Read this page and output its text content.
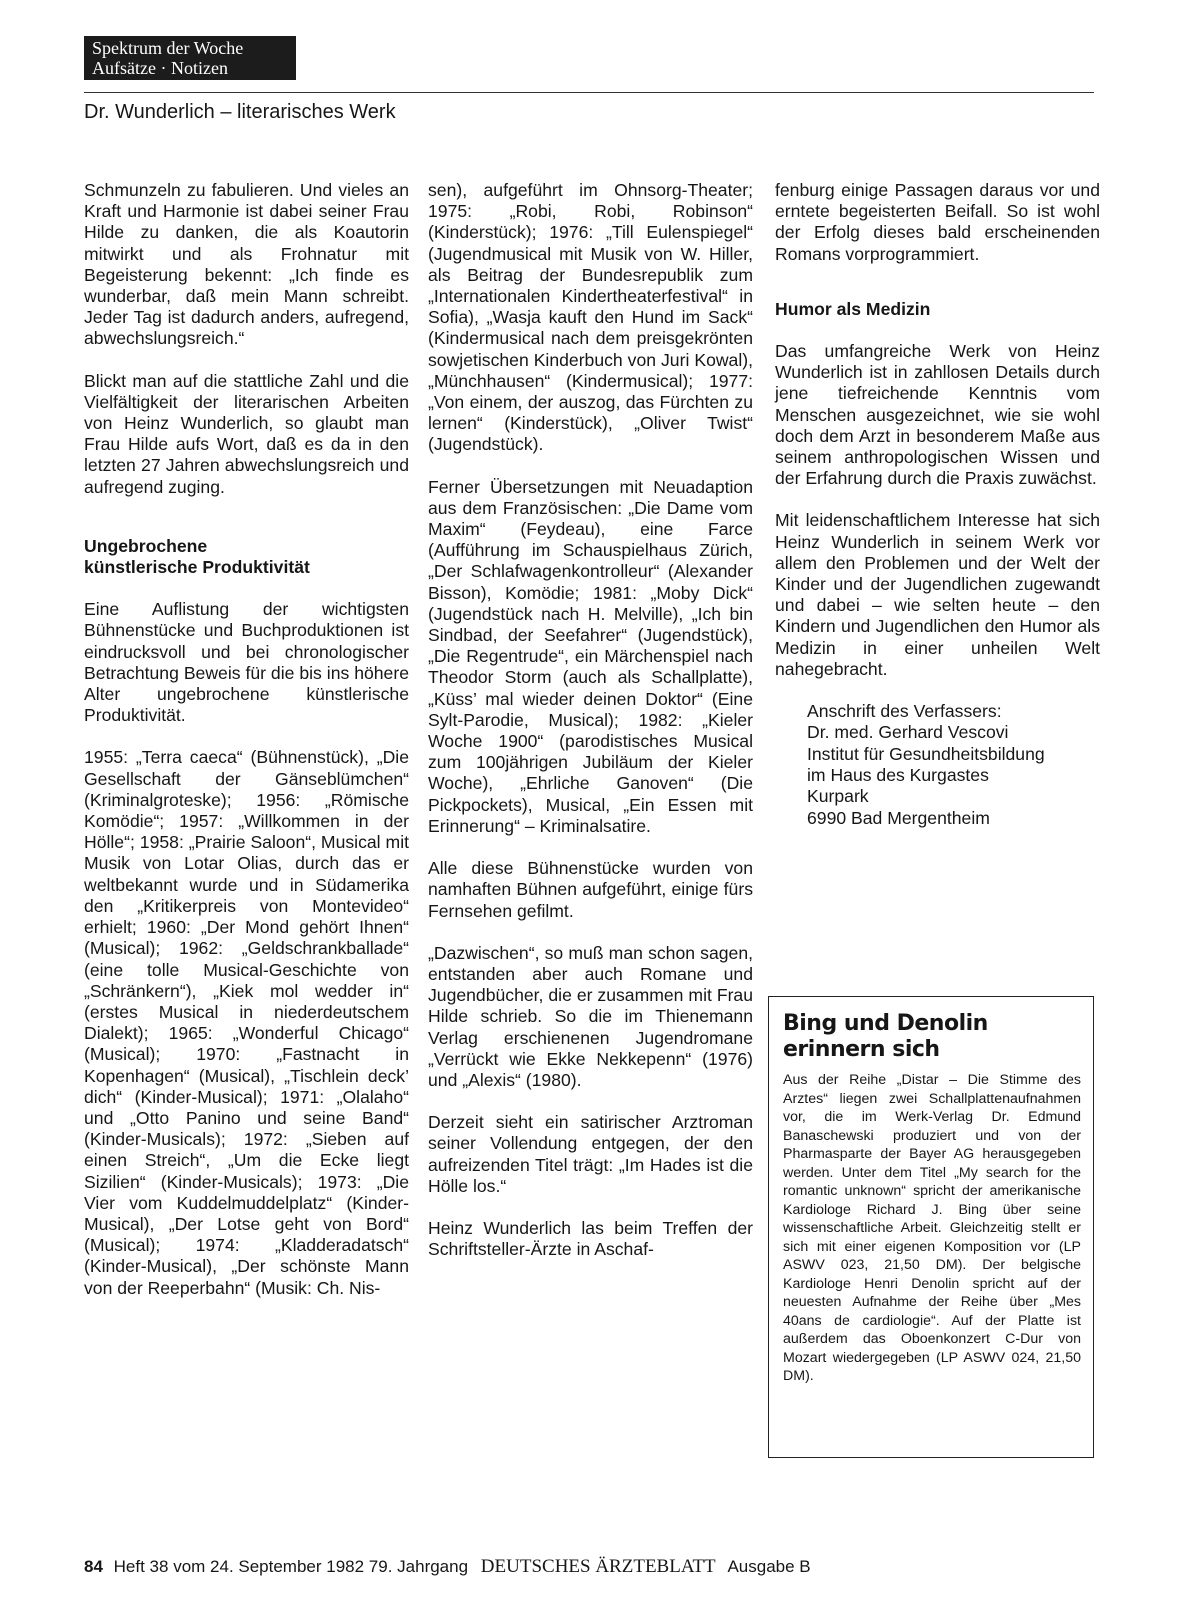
Spektrum der Woche
Aufsätze · Notizen
Dr. Wunderlich – literarisches Werk

Schmunzeln zu fabulieren. Und vieles an Kraft und Harmonie ist dabei seiner Frau Hilde zu danken, die als Koautorin mitwirkt und als Frohnatur mit Begeisterung bekennt: „Ich finde es wunderbar, daß mein Mann schreibt. Jeder Tag ist dadurch anders, aufregend, abwechslungsreich.“

Blickt man auf die stattliche Zahl und die Vielfältigkeit der literarischen Arbeiten von Heinz Wunderlich, so glaubt man Frau Hilde aufs Wort, daß es da in den letzten 27 Jahren abwechslungsreich und aufregend zuging.

Ungebrochene
künstlerische Produktivität

Eine Auflistung der wichtigsten Bühnenstücke und Buchproduktionen ist eindrucksvoll und bei chronologischer Betrachtung Beweis für die bis ins höhere Alter ungebrochene künstlerische Produktivität.

1955: „Terra caeca“ (Bühnenstück), „Die Gesellschaft der Gänseblümchen“ (Kriminalgroteske); 1956: „Römische Komödie“; 1957: „Willkommen in der Hölle“; 1958: „Prairie Saloon“, Musical mit Musik von Lotar Olias, durch das er weltbekannt wurde und in Südamerika den „Kritikerpreis von Montevideo“ erhielt; 1960: „Der Mond gehört Ihnen“ (Musical); 1962: „Geldschrankballade“ (eine tolle Musical-Geschichte von „Schränkern“), „Kiek mol wedder in“ (erstes Musical in niederdeutschem Dialekt); 1965: „Wonderful Chicago“ (Musical); 1970: „Fastnacht in Kopenhagen“ (Musical), „Tischlein deck’ dich“ (Kinder-Musical); 1971: „Olalaho“ und „Otto Panino und seine Band“ (Kinder-Musicals); 1972: „Sieben auf einen Streich“, „Um die Ecke liegt Sizilien“ (Kinder-Musicals); 1973: „Die Vier vom Kuddelmuddelplatz“ (Kinder-Musical), „Der Lotse geht von Bord“ (Musical); 1974: „Kladderadatsch“ (Kinder-Musical), „Der schönste Mann von der Reeperbahn“ (Musik: Ch. Nis-

sen), aufgeführt im Ohnsorg-Theater; 1975: „Robi, Robi, Robinson“ (Kinderstück); 1976: „Till Eulenspiegel“ (Jugendmusical mit Musik von W. Hiller, als Beitrag der Bundesrepublik zum „Internationalen Kindertheaterfestival“ in Sofia), „Wasja kauft den Hund im Sack“ (Kindermusical nach dem preisgekrönten sowjetischen Kinderbuch von Juri Kowal), „Münchhausen“ (Kindermusical); 1977: „Von einem, der auszog, das Fürchten zu lernen“ (Kinderstück), „Oliver Twist“ (Jugendstück).

Ferner Übersetzungen mit Neuadaption aus dem Französischen: „Die Dame vom Maxim“ (Feydeau), eine Farce (Aufführung im Schauspielhaus Zürich, „Der Schlafwagenkontrolleur“ (Alexander Bisson), Komödie; 1981: „Moby Dick“ (Jugendstück nach H. Melville), „Ich bin Sindbad, der Seefahrer“ (Jugendstück), „Die Regentrude“, ein Märchenspiel nach Theodor Storm (auch als Schallplatte), „Küss’ mal wieder deinen Doktor“ (Eine Sylt-Parodie, Musical); 1982: „Kieler Woche 1900“ (parodistisches Musical zum 100jährigen Jubiläum der Kieler Woche), „Ehrliche Ganoven“ (Die Pickpockets), Musical, „Ein Essen mit Erinnerung“ – Kriminalsatire.

Alle diese Bühnenstücke wurden von namhaften Bühnen aufgeführt, einige fürs Fernsehen gefilmt.

„Dazwischen“, so muß man schon sagen, entstanden aber auch Romane und Jugendbücher, die er zusammen mit Frau Hilde schrieb. So die im Thienemann Verlag erschienenen Jugendromane „Verrückt wie Ekke Nekkepenn“ (1976) und „Alexis“ (1980).

Derzeit sieht ein satirischer Arztroman seiner Vollendung entgegen, der den aufreizenden Titel trägt: „Im Hades ist die Hölle los.“

Heinz Wunderlich las beim Treffen der Schriftsteller-Ärzte in Aschaf-

fenburg einige Passagen daraus vor und erntete begeisterten Beifall. So ist wohl der Erfolg dieses bald erscheinenden Romans vorprogrammiert.

Humor als Medizin

Das umfangreiche Werk von Heinz Wunderlich ist in zahllosen Details durch jene tiefreichende Kenntnis vom Menschen ausgezeichnet, wie sie wohl doch dem Arzt in besonderem Maße aus seinem anthropologischen Wissen und der Erfahrung durch die Praxis zuwächst.

Mit leidenschaftlichem Interesse hat sich Heinz Wunderlich in seinem Werk vor allem den Problemen und der Welt der Kinder und der Jugendlichen zugewandt und dabei – wie selten heute – den Kindern und Jugendlichen den Humor als Medizin in einer unheilen Welt nahegebracht.

Anschrift des Verfassers:
Dr. med. Gerhard Vescovi
Institut für Gesundheitsbildung
im Haus des Kurgastes
Kurpark
6990 Bad Mergentheim
Bing und Denolin
erinnern sich

Aus der Reihe „Distar – Die Stimme des Arztes“ liegen zwei Schallplattenaufnahmen vor, die im Werk-Verlag Dr. Edmund Banaschewski produziert und von der Pharmasparte der Bayer AG herausgegeben werden. Unter dem Titel „My search for the romantic unknown“ spricht der amerikanische Kardiologe Richard J. Bing über seine wissenschaftliche Arbeit. Gleichzeitig stellt er sich mit einer eigenen Komposition vor (LP ASWV 023, 21,50 DM). Der belgische Kardiologe Henri Denolin spricht auf der neuesten Aufnahme der Reihe über „Mes 40ans de cardiologie“. Auf der Platte ist außerdem das Oboenkonzert C-Dur von Mozart wiedergegeben (LP ASWV 024, 21,50 DM).

84 Heft 38 vom 24. September 1982 79. Jahrgang DEUTSCHES ÄRZTEBLATT Ausgabe B
